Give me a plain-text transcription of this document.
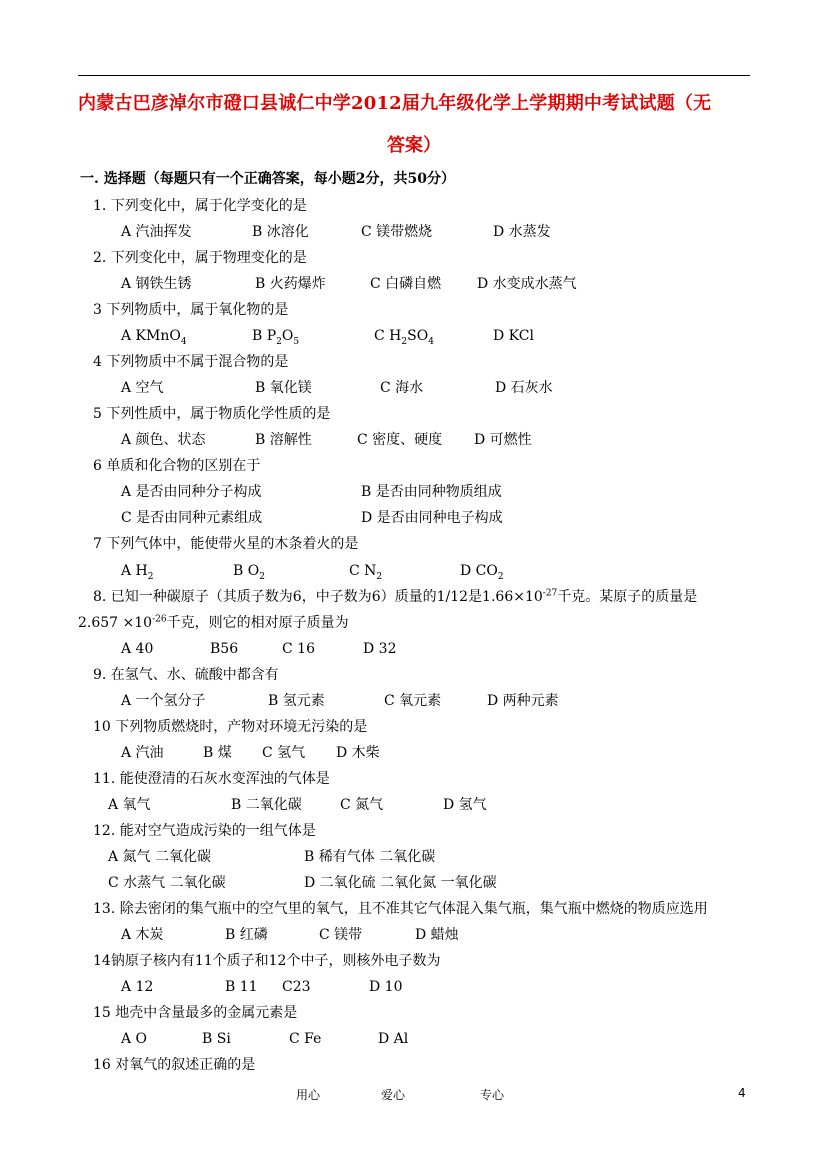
内蒙古巴彦淖尔市磴口县诚仁中学2012届九年级化学上学期期中考试试题（无
答案）
一. 选择题（每题只有一个正确答案，每小题2分，共50分）
1. 下列变化中，属于化学变化的是
A 汽油挥发	B 冰溶化	C 镁带燃烧	D 水蒸发
2. 下列变化中，属于物理变化的是
A 钢铁生锈	B 火药爆炸	C 白磷自燃	D 水变成水蒸气
3 下列物质中，属于氧化物的是
A KMnO$_4$	B $P_2O_5$	C $H_2SO_4$	D KCl
4 下列物质中不属于混合物的是
A 空气	B 氧化镁	C 海水	D 石灰水
5 下列性质中，属于物质化学性质的是
A 颜色、状态	B 溶解性	C 密度、硬度 D 可燃性
6 单质和化合物的区别在于
A 是否由同种分子构成	B 是否由同种物质组成
C 是否由同种元素组成	D 是否由同种电子构成
7 下列气体中，能使带火星的木条着火的是
A $H_2$	B $O_2$	C $N_2$	D $CO_2$
8. 已知一种碳原子（其质子数为6，中子数为6）质量的1/12是$1.66\times 10^{-27}$千克。某原子的质量是
$2.657 \times 10^{-26}$千克，则它的相对原子质量为
A 40	B56	C 16	D 32
9. 在氢气、水、硫酸中都含有
A 一个氢分子	B 氢元素	C 氧元素	D 两种元素
10 下列物质燃烧时，产物对环境无污染的是
A 汽油	B 煤 C 氢气 D 木柴
11. 能使澄清的石灰水变浑浊的气体是
A 氧气	B 二氧化碳	C 氮气	D 氢气
12. 能对空气造成污染的一组气体是
A 氮气 二氧化碳	B 稀有气体 二氧化碳
C 水蒸气 二氧化碳	D 二氧化硫 二氧化氮 一氧化碳
13. 除去密闭的集气瓶中的空气里的氧气，且不准其它气体混入集气瓶，集气瓶中燃烧的物质应选用
A 木炭	B 红磷	C 镁带	D 蜡烛
14钠原子核内有11个质子和12个中子，则核外电子数为
A 12	B 11 C23	D 10
15 地壳中含量最多的金属元素是
A O	B Si	C Fe	D Al
16 对氧气的叙述正确的是
用心	爱心	专心	4
